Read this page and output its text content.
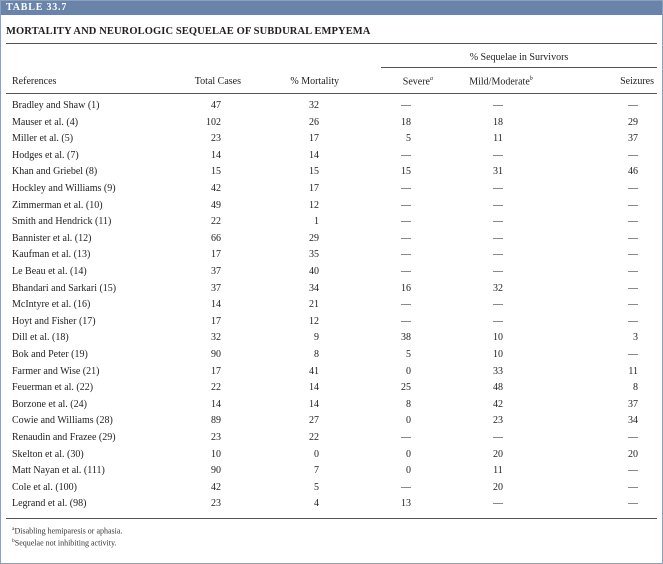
TABLE 33.7
MORTALITY AND NEUROLOGIC SEQUELAE OF SUBDURAL EMPYEMA
% Sequelae in Survivors
References	Total Cases	% Mortality	Severe$^a$	Mild/Moderate$^b$	Seizures
Bradley and Shaw (1)	47	32	—	—	—
Mauser et al. (4)	102	26	18	18	29
Miller et al. (5)	23	17	5	11	37
Hodges et al. (7)	14	14	—	—	—
Khan and Griebel (8)	15	15	15	31	46
Hockley and Williams (9)	42	17	—	—	—
Zimmerman et al. (10)	49	12	—	—	—
Smith and Hendrick (11)	22	1	—	—	—
Bannister et al. (12)	66	29	—	—	—
Kaufman et al. (13)	17	35	—	—	—
Le Beau et al. (14)	37	40	—	—	—
Bhandari and Sarkari (15)	37	34	16	32	—
McIntyre et al. (16)	14	21	—	—	—
Hoyt and Fisher (17)	17	12	—	—	—
Dill et al. (18)	32	9	38	10	3
Bok and Peter (19)	90	8	5	10	—
Farmer and Wise (21)	17	41	0	33	11
Feuerman et al. (22)	22	14	25	48	8
Borzone et al. (24)	14	14	8	42	37
Cowie and Williams (28)	89	27	0	23	34
Renaudin and Frazee (29)	23	22	—	—	—
Skelton et al. (30)	10	0	0	20	20
Matt Nayan et al. (111)	90	7	0	11	—
Cole et al. (100)	42	5	—	20	—
Legrand et al. (98)	23	4	13	—	—
$^a$Disabling hemiparesis or aphasia.
$^b$Sequelae not inhibiting activity.
